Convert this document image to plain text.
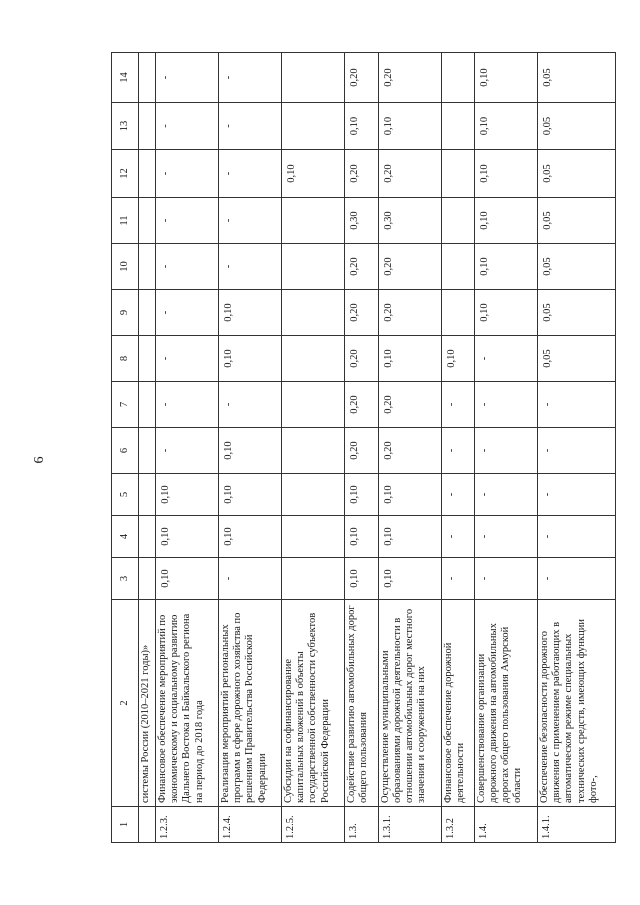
6
1	2	3	4	5	6	7	8	9	10	11	12	13	14
	системы России (2010–2021 годы)»												
1.2.3.	Финансовое обеспечение мероприятий по экономическому и социальному развитию Дальнего Востока и Байкальского региона на период до 2018 года	0,10	0,10	0,10	-	-	-	-	-	-	-	-	-
1.2.4.	Реализация мероприятий региональных программ в сфере дорожного хозяйства по решениям Правительства Российской Федерации	-	0,10	0,10	0,10	-	0,10	0,10	-	-	-	-	-
1.2.5.	Субсидии на софинансирование капитальных вложений в объекты государственной собственности субъектов Российской Федерации										0,10		
1.3.	Содействие развитию автомобильных дорог общего пользования	0,10	0,10	0,10	0,20	0,20	0,20	0,20	0,20	0,30	0,20	0,10	0,20
1.3.1.	Осуществление муниципальными образованиями дорожной деятельности в отношении автомобильных дорог местного значения и сооружений на них	0,10	0,10	0,10	0,20	0,20	0,10	0,20	0,20	0,30	0,20	0,10	0,20
1.3.2	Финансовое обеспечение дорожной деятельности	-	-	-	-	-	0,10						
1.4.	Совершенствование организации дорожного движения на автомобильных дорогах общего пользования Амурской области	-	-	-	-	-	-	0,10	0,10	0,10	0,10	0,10	0,10
1.4.1.	Обеспечение безопасности дорожного движения с применением работающих в автоматическом режиме специальных технических средств, имеющих функции фото-,	-	-	-	-	-	0,05	0,05	0,05	0,05	0,05	0,05	0,05
